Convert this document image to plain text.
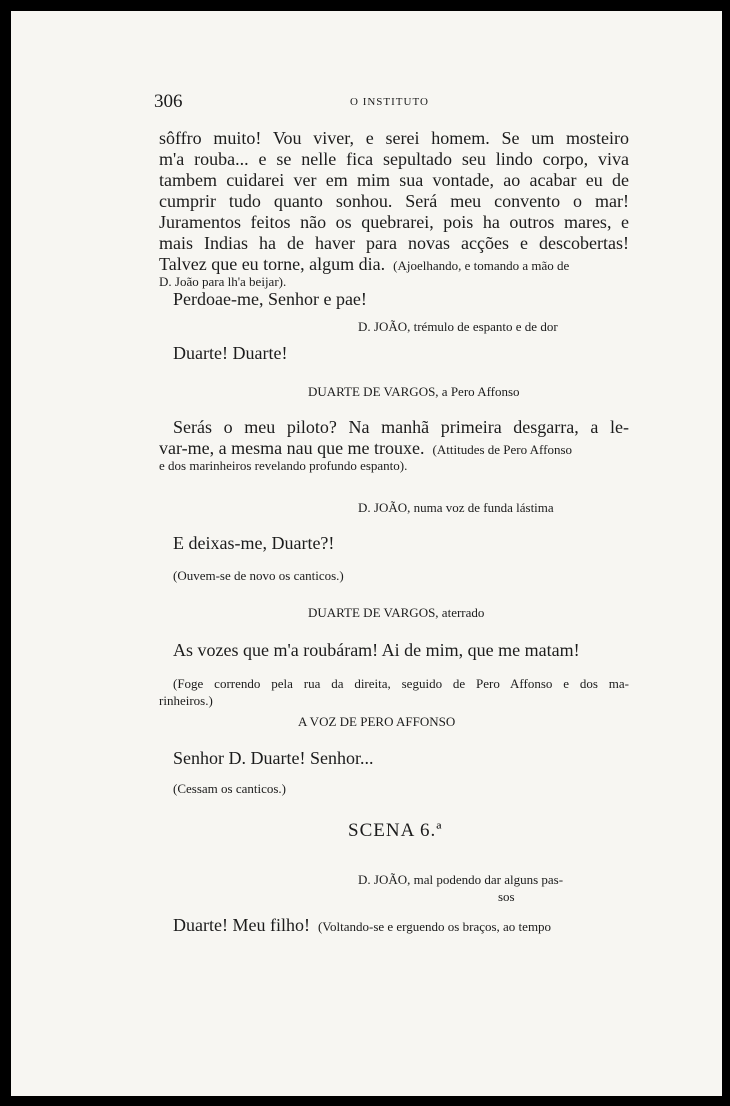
306	O INSTITUTO
sôffro muito! Vou viver, e serei homem. Se um mosteiro
m'a rouba... e se nelle fica sepultado seu lindo corpo, viva
tambem cuidarei ver em mim sua vontade, ao acabar eu de
cumprir tudo quanto sonhou. Será meu convento o mar!
Juramentos feitos não os quebrarei, pois ha outros mares, e
mais Indias ha de haver para novas acções e descobertas!
Talvez que eu torne, algum dia. (Ajoelhando, e tomando a mão de
D. João para lh'a beijar).
Perdoae-me, Senhor e pae!
D. JOÃO, trémulo de espanto e de dor
Duarte! Duarte!
DUARTE DE VARGOS, a Pero Affonso
Serás o meu piloto? Na manhã primeira desgarra, a le-
var-me, a mesma nau que me trouxe. (Attitudes de Pero Affonso
e dos marinheiros revelando profundo espanto).
D. JOÃO, numa voz de funda lástima
E deixas-me, Duarte?!
(Ouvem-se de novo os canticos.)
DUARTE DE VARGOS, aterrado
As vozes que m'a roubáram! Ai de mim, que me matam!
(Foge correndo pela rua da direita, seguido de Pero Affonso e dos ma-
rinheiros.)
A VOZ DE PERO AFFONSO
Senhor D. Duarte! Senhor...
(Cessam os canticos.)
SCENA 6.ª
D. JOÃO, mal podendo dar alguns pas-
sos
Duarte! Meu filho! (Voltando-se e erguendo os braços, ao tempo
